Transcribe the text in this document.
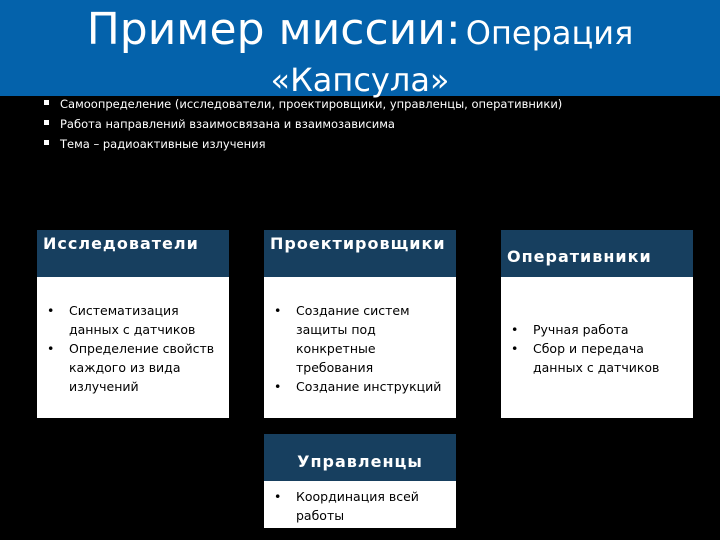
Пример миссии: Операция
«Капсула»
Самоопределение (исследователи, проектировщики, управленцы, оперативники)
Работа направлений взаимосвязана и взаимозависима
Тема – радиоактивные излучения
Исследователи
• Систематизация данных с датчиков
• Определение свойств каждого из вида излучений
Проектировщики
• Создание систем защиты под конкретные требования
• Создание инструкций
Оперативники
• Ручная работа
• Сбор и передача данных с датчиков
Управленцы
• Координация всей работы
